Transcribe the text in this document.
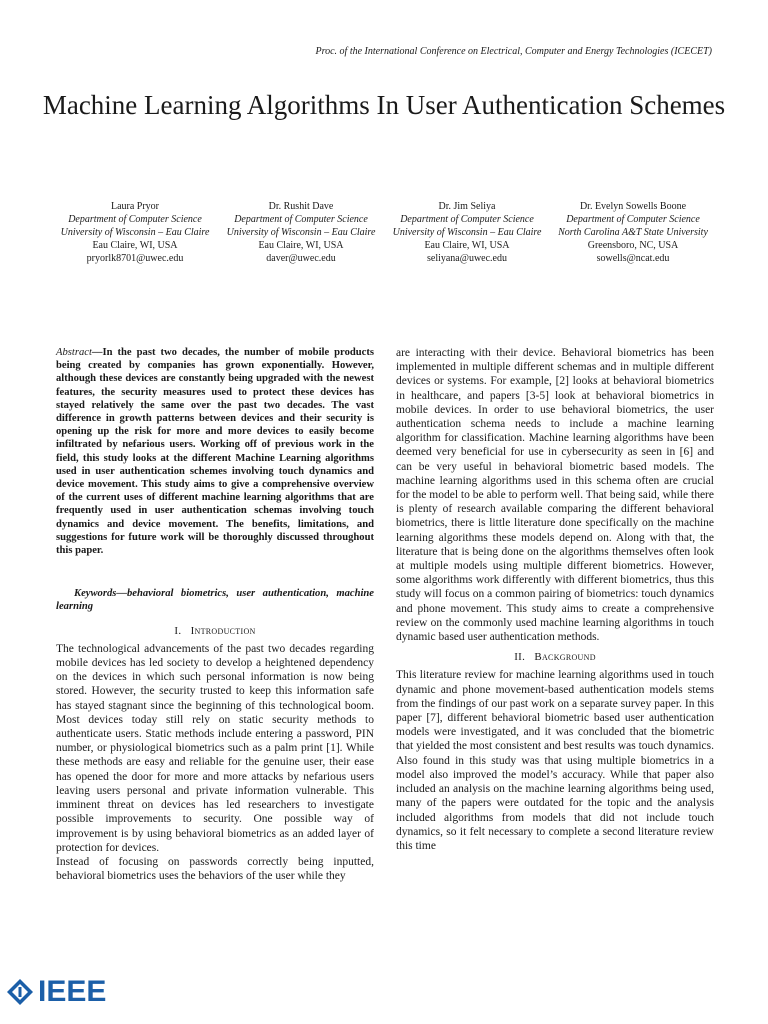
Proc. of the International Conference on Electrical, Computer and Energy Technologies (ICECET)
Machine Learning Algorithms In User Authentication Schemes
Laura Pryor
Department of Computer Science
University of Wisconsin – Eau Claire
Eau Claire, WI, USA
pryorlk8701@uwec.edu
Dr. Rushit Dave
Department of Computer Science
University of Wisconsin – Eau Claire
Eau Claire, WI, USA
daver@uwec.edu
Dr. Jim Seliya
Department of Computer Science
University of Wisconsin – Eau Claire
Eau Claire, WI, USA
seliyana@uwec.edu
Dr. Evelyn Sowells Boone
Department of Computer Science
North Carolina A&T State University
Greensboro, NC, USA
sowells@ncat.edu

Abstract—In the past two decades, the number of mobile products being created by companies has grown exponentially. However, although these devices are constantly being upgraded with the newest features, the security measures used to protect these devices has stayed relatively the same over the past two decades. The vast difference in growth patterns between devices and their security is opening up the risk for more and more devices to easily become infiltrated by nefarious users. Working off of previous work in the field, this study looks at the different Machine Learning algorithms used in user authentication schemes involving touch dynamics and device movement. This study aims to give a comprehensive overview of the current uses of different machine learning algorithms that are frequently used in user authentication schemas involving touch dynamics and device movement. The benefits, limitations, and suggestions for future work will be thoroughly discussed throughout this paper.

Keywords—behavioral biometrics, user authentication, machine learning

I. Introduction

The technological advancements of the past two decades regarding mobile devices has led society to develop a heightened dependency on the devices in which such personal information is now being stored. However, the security trusted to keep this information safe has stayed stagnant since the beginning of this technological boom. Most devices today still rely on static security methods to authenticate users. Static methods include entering a password, PIN number, or physiological biometrics such as a palm print [1]. While these methods are easy and reliable for the genuine user, their ease has opened the door for more and more attacks by nefarious users leaving users personal and private information vulnerable. This imminent threat on devices has led researchers to investigate possible improvements to security. One possible way of improvement is by using behavioral biometrics as an added layer of protection for devices.

Instead of focusing on passwords correctly being inputted, behavioral biometrics uses the behaviors of the user while they

are interacting with their device. Behavioral biometrics has been implemented in multiple different schemas and in multiple different devices or systems. For example, [2] looks at behavioral biometrics in healthcare, and papers [3-5] look at behavioral biometrics in mobile devices. In order to use behavioral biometrics, the user authentication schema needs to include a machine learning algorithm for classification. Machine learning algorithms have been deemed very beneficial for use in cybersecurity as seen in [6] and can be very useful in behavioral biometric based models. The machine learning algorithms used in this schema often are crucial for the model to be able to perform well. That being said, while there is plenty of research available comparing the different behavioral biometrics, there is little literature done specifically on the machine learning algorithms these models depend on. Along with that, the literature that is being done on the algorithms themselves often look at multiple models using multiple different biometrics. However, some algorithms work differently with different biometrics, thus this study will focus on a common pairing of biometrics: touch dynamics and phone movement. This study aims to create a comprehensive review on the commonly used machine learning algorithms in touch dynamic based user authentication methods.

II. Background

This literature review for machine learning algorithms used in touch dynamic and phone movement-based authentication models stems from the findings of our past work on a separate survey paper. In this paper [7], different behavioral biometric based user authentication models were investigated, and it was concluded that the biometric that yielded the most consistent and best results was touch dynamics. Also found in this study was that using multiple biometrics in a model also improved the model’s accuracy. While that paper also included an analysis on the machine learning algorithms being used, many of the papers were outdated for the topic and the analysis included algorithms from models that did not include touch dynamics, so it felt necessary to complete a second literature review this time

IEEE
